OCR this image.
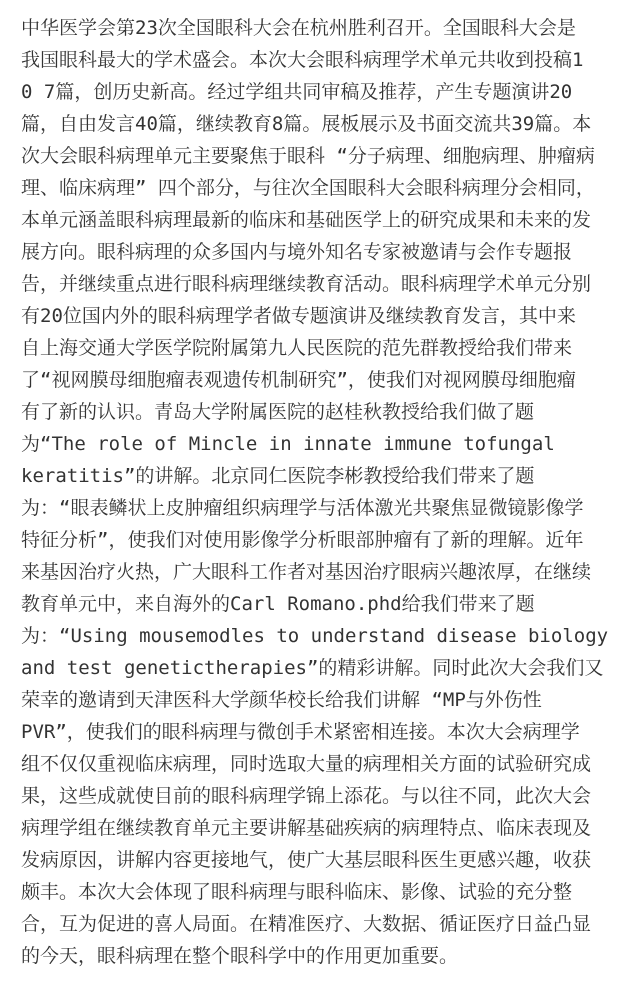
中华医学会第23次全国眼科大会在杭州胜利召开。全国眼科大会是
我国眼科最大的学术盛会。本次大会眼科病理学术单元共收到投稿1
0 7篇，创历史新高。经过学组共同审稿及推荐，产生专题演讲20
篇，自由发言40篇，继续教育8篇。展板展示及书面交流共39篇。本
次大会眼科病理单元主要聚焦于眼科 “分子病理、细胞病理、肿瘤病
理、临床病理” 四个部分，与往次全国眼科大会眼科病理分会相同，
本单元涵盖眼科病理最新的临床和基础医学上的研究成果和未来的发
展方向。眼科病理的众多国内与境外知名专家被邀请与会作专题报
告，并继续重点进行眼科病理继续教育活动。眼科病理学术单元分别
有20位国内外的眼科病理学者做专题演讲及继续教育发言，其中来
自上海交通大学医学院附属第九人民医院的范先群教授给我们带来
了“视网膜母细胞瘤表观遗传机制研究”，使我们对视网膜母细胞瘤
有了新的认识。青岛大学附属医院的赵桂秋教授给我们做了题
为“The role of Mincle in innate immune tofungal
keratitis”的讲解。北京同仁医院李彬教授给我们带来了题
为：“眼表鳞状上皮肿瘤组织病理学与活体激光共聚焦显微镜影像学
特征分析”，使我们对使用影像学分析眼部肿瘤有了新的理解。近年
来基因治疗火热，广大眼科工作者对基因治疗眼病兴趣浓厚，在继续
教育单元中，来自海外的Carl Romano.phd给我们带来了题
为：“Using mousemodles to understand disease biology
and test genetictherapies”的精彩讲解。同时此次大会我们又
荣幸的邀请到天津医科大学颜华校长给我们讲解 “MP与外伤性
PVR”，使我们的眼科病理与微创手术紧密相连接。本次大会病理学
组不仅仅重视临床病理，同时选取大量的病理相关方面的试验研究成
果，这些成就使目前的眼科病理学锦上添花。与以往不同，此次大会
病理学组在继续教育单元主要讲解基础疾病的病理特点、临床表现及
发病原因，讲解内容更接地气，使广大基层眼科医生更感兴趣，收获
颇丰。本次大会体现了眼科病理与眼科临床、影像、试验的充分整
合，互为促进的喜人局面。在精准医疗、大数据、循证医疗日益凸显
的今天，眼科病理在整个眼科学中的作用更加重要。
